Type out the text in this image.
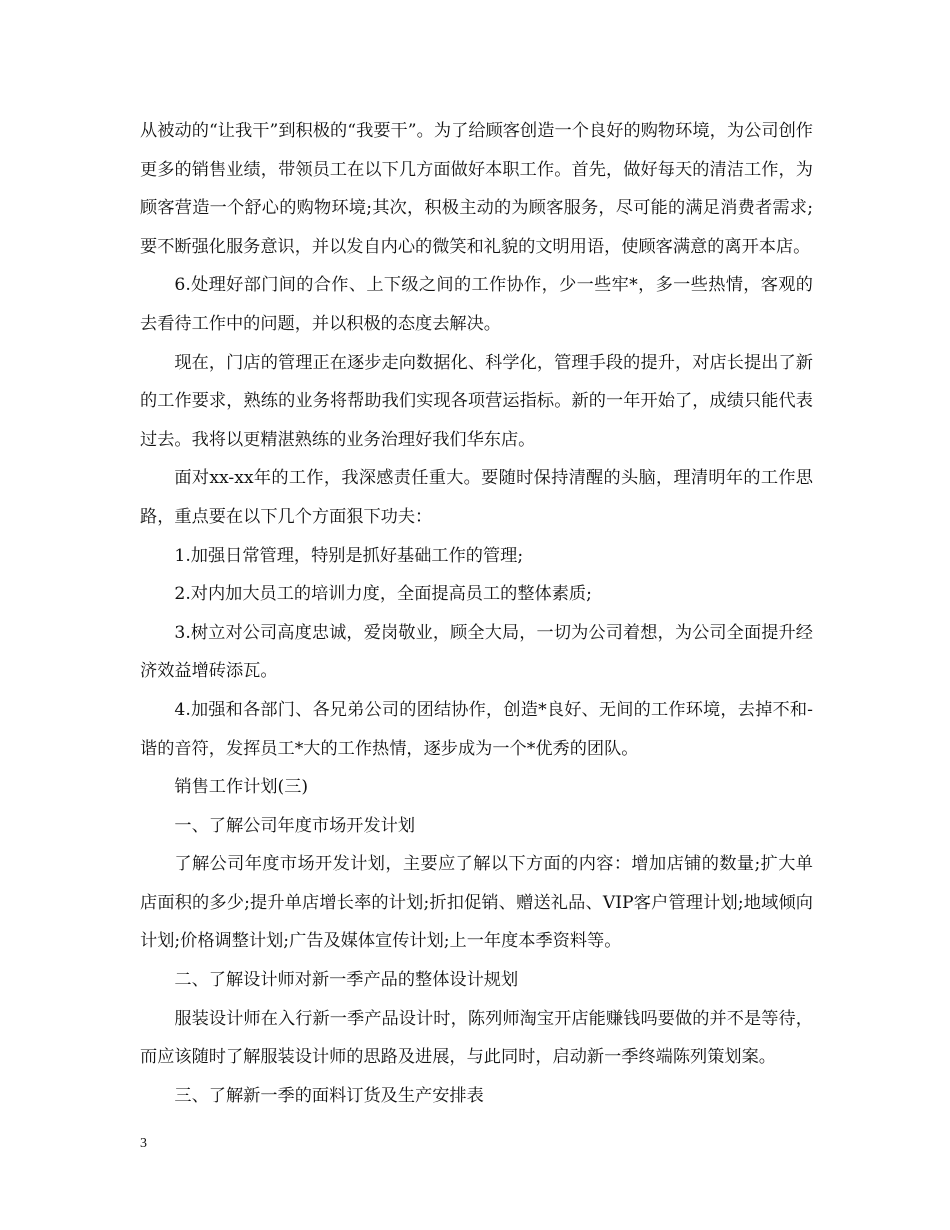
从被动的“让我干”到积极的“我要干”。为了给顾客创造一个良好的购物环境，为公司创作更多的销售业绩，带领员工在以下几方面做好本职工作。首先，做好每天的清洁工作，为顾客营造一个舒心的购物环境;其次，积极主动的为顾客服务，尽可能的满足消费者需求;要不断强化服务意识，并以发自内心的微笑和礼貌的文明用语，使顾客满意的离开本店。

6.处理好部门间的合作、上下级之间的工作协作，少一些牢*，多一些热情，客观的去看待工作中的问题，并以积极的态度去解决。

现在，门店的管理正在逐步走向数据化、科学化，管理手段的提升，对店长提出了新的工作要求，熟练的业务将帮助我们实现各项营运指标。新的一年开始了，成绩只能代表过去。我将以更精湛熟练的业务治理好我们华东店。

面对xx-xx年的工作，我深感责任重大。要随时保持清醒的头脑，理清明年的工作思路，重点要在以下几个方面狠下功夫：

1.加强日常管理，特别是抓好基础工作的管理;

2.对内加大员工的培训力度，全面提高员工的整体素质;

3.树立对公司高度忠诚，爱岗敬业，顾全大局，一切为公司着想，为公司全面提升经济效益增砖添瓦。

4.加强和各部门、各兄弟公司的团结协作，创造*良好、无间的工作环境，去掉不和-谐的音符，发挥员工*大的工作热情，逐步成为一个*优秀的团队。

销售工作计划(三)

一、了解公司年度市场开发计划

了解公司年度市场开发计划，主要应了解以下方面的内容：增加店铺的数量;扩大单店面积的多少;提升单店增长率的计划;折扣促销、赠送礼品、VIP客户管理计划;地域倾向计划;价格调整计划;广告及媒体宣传计划;上一年度本季资料等。

二、了解设计师对新一季产品的整体设计规划

服装设计师在入行新一季产品设计时，陈列师淘宝开店能赚钱吗要做的并不是等待，而应该随时了解服装设计师的思路及进展，与此同时，启动新一季终端陈列策划案。

三、了解新一季的面料订货及生产安排表

3
